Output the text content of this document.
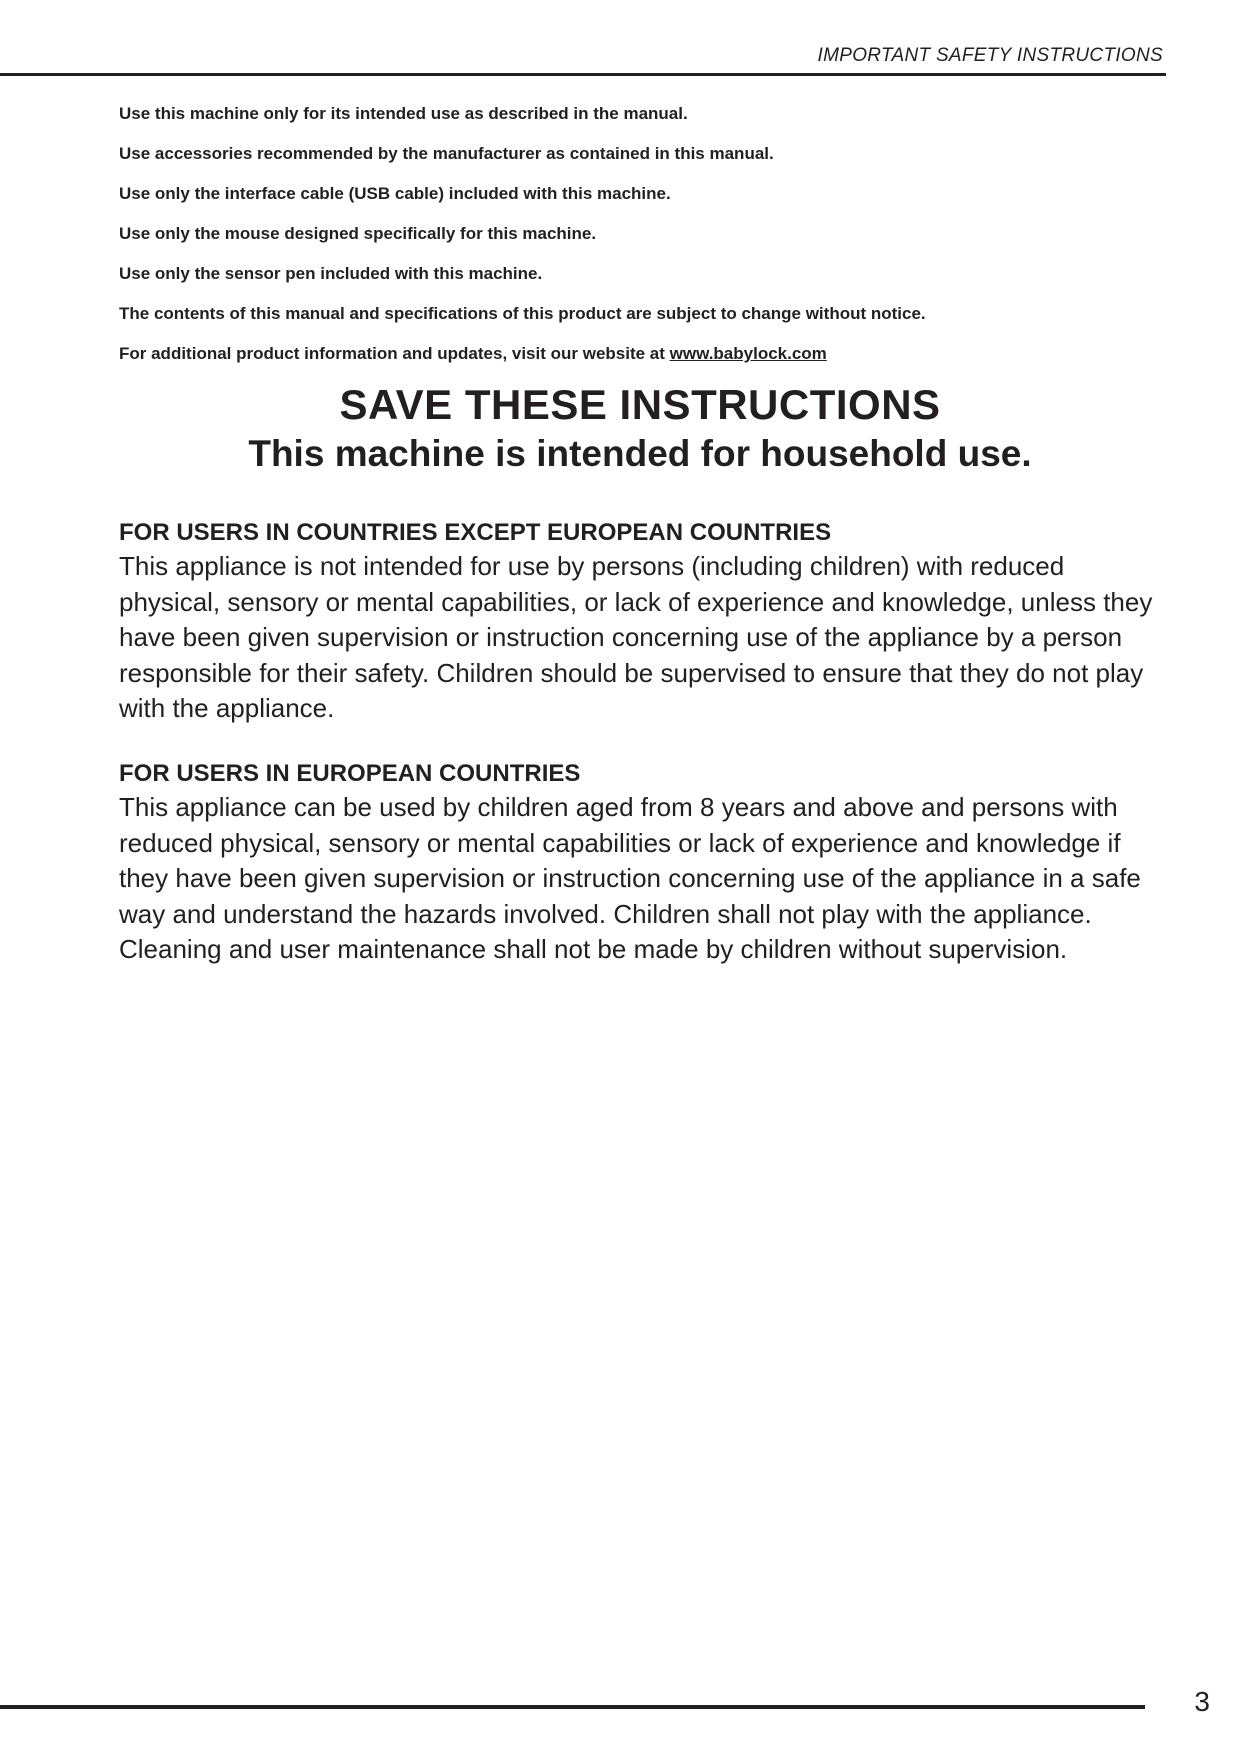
IMPORTANT SAFETY INSTRUCTIONS
Use this machine only for its intended use as described in the manual.
Use accessories recommended by the manufacturer as contained in this manual.
Use only the interface cable (USB cable) included with this machine.
Use only the mouse designed specifically for this machine.
Use only the sensor pen included with this machine.
The contents of this manual and specifications of this product are subject to change without notice.
For additional product information and updates, visit our website at www.babylock.com
SAVE THESE INSTRUCTIONS
This machine is intended for household use.
FOR USERS IN COUNTRIES EXCEPT EUROPEAN COUNTRIES
This appliance is not intended for use by persons (including children) with reduced physical, sensory or mental capabilities, or lack of experience and knowledge, unless they have been given supervision or instruction concerning use of the appliance by a person responsible for their safety. Children should be supervised to ensure that they do not play with the appliance.
FOR USERS IN EUROPEAN COUNTRIES
This appliance can be used by children aged from 8 years and above and persons with reduced physical, sensory or mental capabilities or lack of experience and knowledge if they have been given supervision or instruction concerning use of the appliance in a safe way and understand the hazards involved. Children shall not play with the appliance. Cleaning and user maintenance shall not be made by children without supervision.
3
